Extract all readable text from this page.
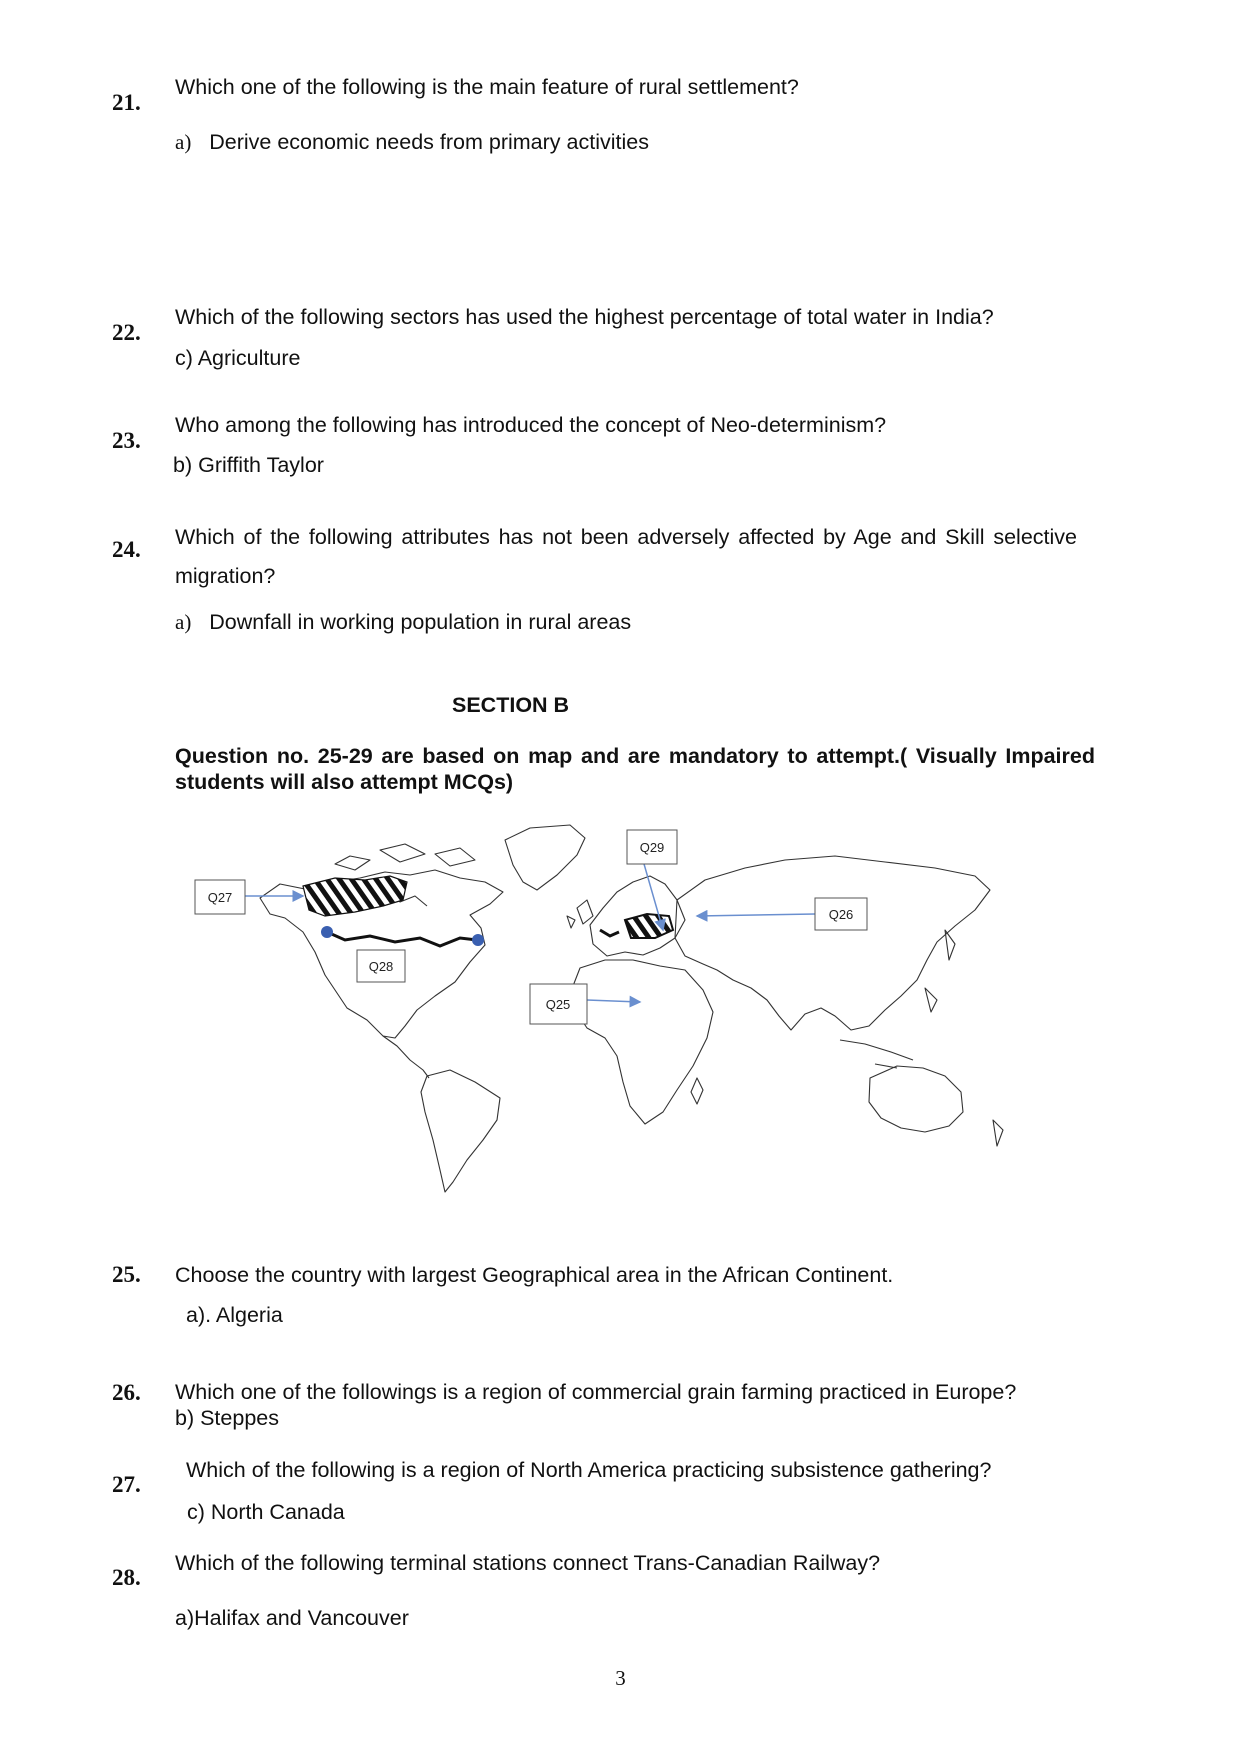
21.
Which one of the following is the main feature of rural settlement?
a) Derive economic needs from primary activities
22.
Which of the following sectors has used the highest percentage of total water in India?
c) Agriculture
23.
Who among the following has introduced the concept of Neo-determinism?
b) Griffith Taylor
24. Which of the following attributes has not been adversely affected by Age and Skill selective migration?
a) Downfall in working population in rural areas
SECTION B
Question no. 25-29 are based on map and are mandatory to attempt.( Visually Impaired students will also attempt MCQs)
Q27
Q28
Q29
Q26
Q25
25. Choose the country with largest Geographical area in the African Continent.
a). Algeria
26. Which one of the followings is a region of commercial grain farming practiced in Europe?
b) Steppes
27.
Which of the following is a region of North America practicing subsistence gathering?
c) North Canada
28.
Which of the following terminal stations connect Trans-Canadian Railway?
a)Halifax and Vancouver
3
